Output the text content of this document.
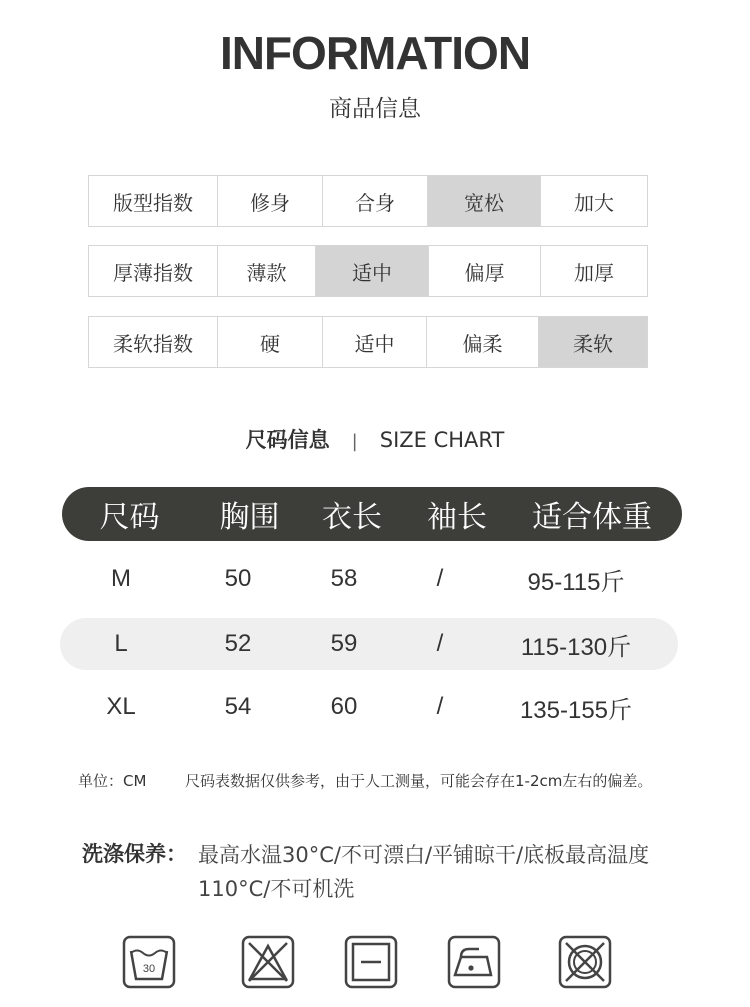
INFORMATION
商品信息
版型指数	修身	合身	宽松	加大
厚薄指数	薄款	适中	偏厚	加厚
柔软指数	硬	适中	偏柔	柔软
尺码信息 | SIZE CHART
尺码	胸围	衣长	袖长	适合体重
M	50	58	/	95-115斤
L	52	59	/	115-130斤
XL	54	60	/	135-155斤
单位：CM	尺码表数据仅供参考，由于人工测量，可能会存在1-2cm左右的偏差。
洗涤保养： 最高水温30°C/不可漂白/平铺晾干/底板最高温度110°C/不可机洗
30
